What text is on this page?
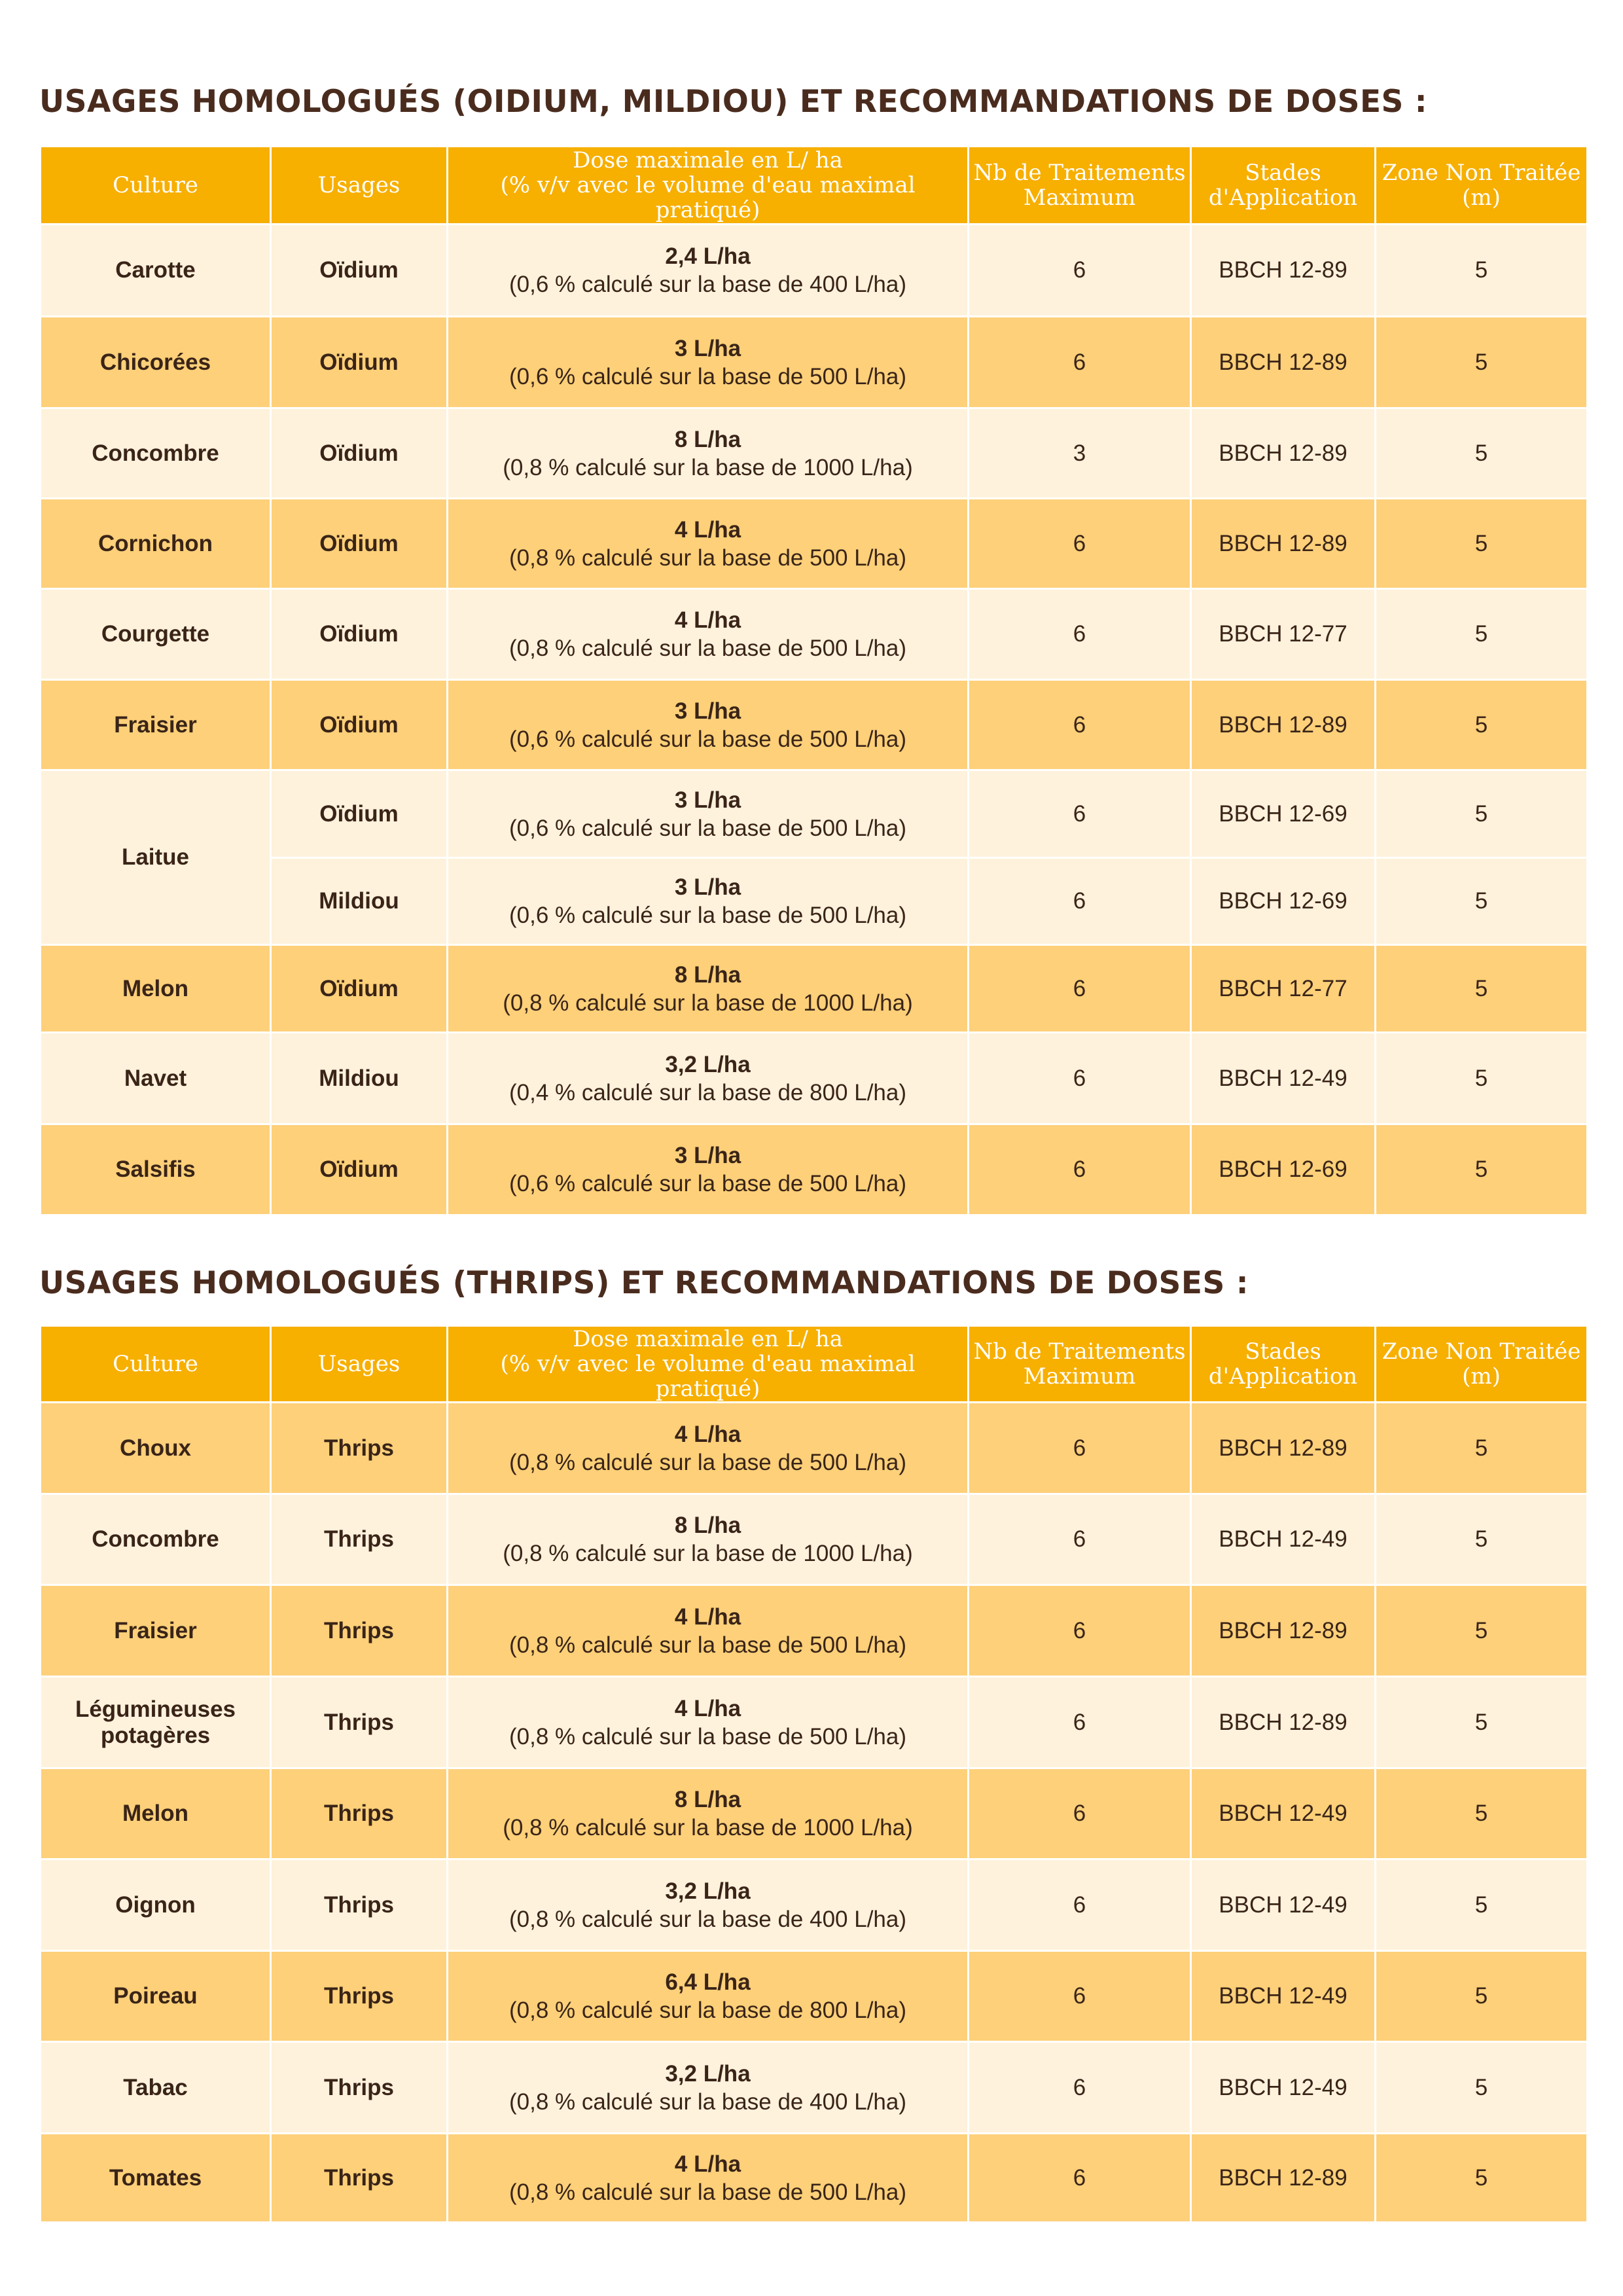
USAGES HOMOLOGUÉS (OIDIUM, MILDIOU) ET RECOMMANDATIONS DE DOSES :
Culture	Usages	Dose maximale en L/ ha
(% v/v avec le volume d'eau maximal pratiqué)	Nb de Traitements
Maximum	Stades
d'Application	Zone Non Traitée
(m)
Carotte	Oïdium	2,4 L/ha
(0,6 % calculé sur la base de 400 L/ha)	6	BBCH 12-89	5
Chicorées	Oïdium	3 L/ha
(0,6 % calculé sur la base de 500 L/ha)	6	BBCH 12-89	5
Concombre	Oïdium	8 L/ha
(0,8 % calculé sur la base de 1000 L/ha)	3	BBCH 12-89	5
Cornichon	Oïdium	4 L/ha
(0,8 % calculé sur la base de 500 L/ha)	6	BBCH 12-89	5
Courgette	Oïdium	4 L/ha
(0,8 % calculé sur la base de 500 L/ha)	6	BBCH 12-77	5
Fraisier	Oïdium	3 L/ha
(0,6 % calculé sur la base de 500 L/ha)	6	BBCH 12-89	5
Laitue	Oïdium	3 L/ha
(0,6 % calculé sur la base de 500 L/ha)	6	BBCH 12-69	5
	Mildiou	3 L/ha
(0,6 % calculé sur la base de 500 L/ha)	6	BBCH 12-69	5
Melon	Oïdium	8 L/ha
(0,8 % calculé sur la base de 1000 L/ha)	6	BBCH 12-77	5
Navet	Mildiou	3,2 L/ha
(0,4 % calculé sur la base de 800 L/ha)	6	BBCH 12-49	5
Salsifis	Oïdium	3 L/ha
(0,6 % calculé sur la base de 500 L/ha)	6	BBCH 12-69	5
USAGES HOMOLOGUÉS (THRIPS) ET RECOMMANDATIONS DE DOSES :
Culture	Usages	Dose maximale en L/ ha
(% v/v avec le volume d'eau maximal pratiqué)	Nb de Traitements
Maximum	Stades
d'Application	Zone Non Traitée
(m)
Choux	Thrips	4 L/ha
(0,8 % calculé sur la base de 500 L/ha)	6	BBCH 12-89	5
Concombre	Thrips	8 L/ha
(0,8 % calculé sur la base de 1000 L/ha)	6	BBCH 12-49	5
Fraisier	Thrips	4 L/ha
(0,8 % calculé sur la base de 500 L/ha)	6	BBCH 12-89	5
Légumineuses potagères	Thrips	4 L/ha
(0,8 % calculé sur la base de 500 L/ha)	6	BBCH 12-89	5
Melon	Thrips	8 L/ha
(0,8 % calculé sur la base de 1000 L/ha)	6	BBCH 12-49	5
Oignon	Thrips	3,2 L/ha
(0,8 % calculé sur la base de 400 L/ha)	6	BBCH 12-49	5
Poireau	Thrips	6,4 L/ha
(0,8 % calculé sur la base de 800 L/ha)	6	BBCH 12-49	5
Tabac	Thrips	3,2 L/ha
(0,8 % calculé sur la base de 400 L/ha)	6	BBCH 12-49	5
Tomates	Thrips	4 L/ha
(0,8 % calculé sur la base de 500 L/ha)	6	BBCH 12-89	5
